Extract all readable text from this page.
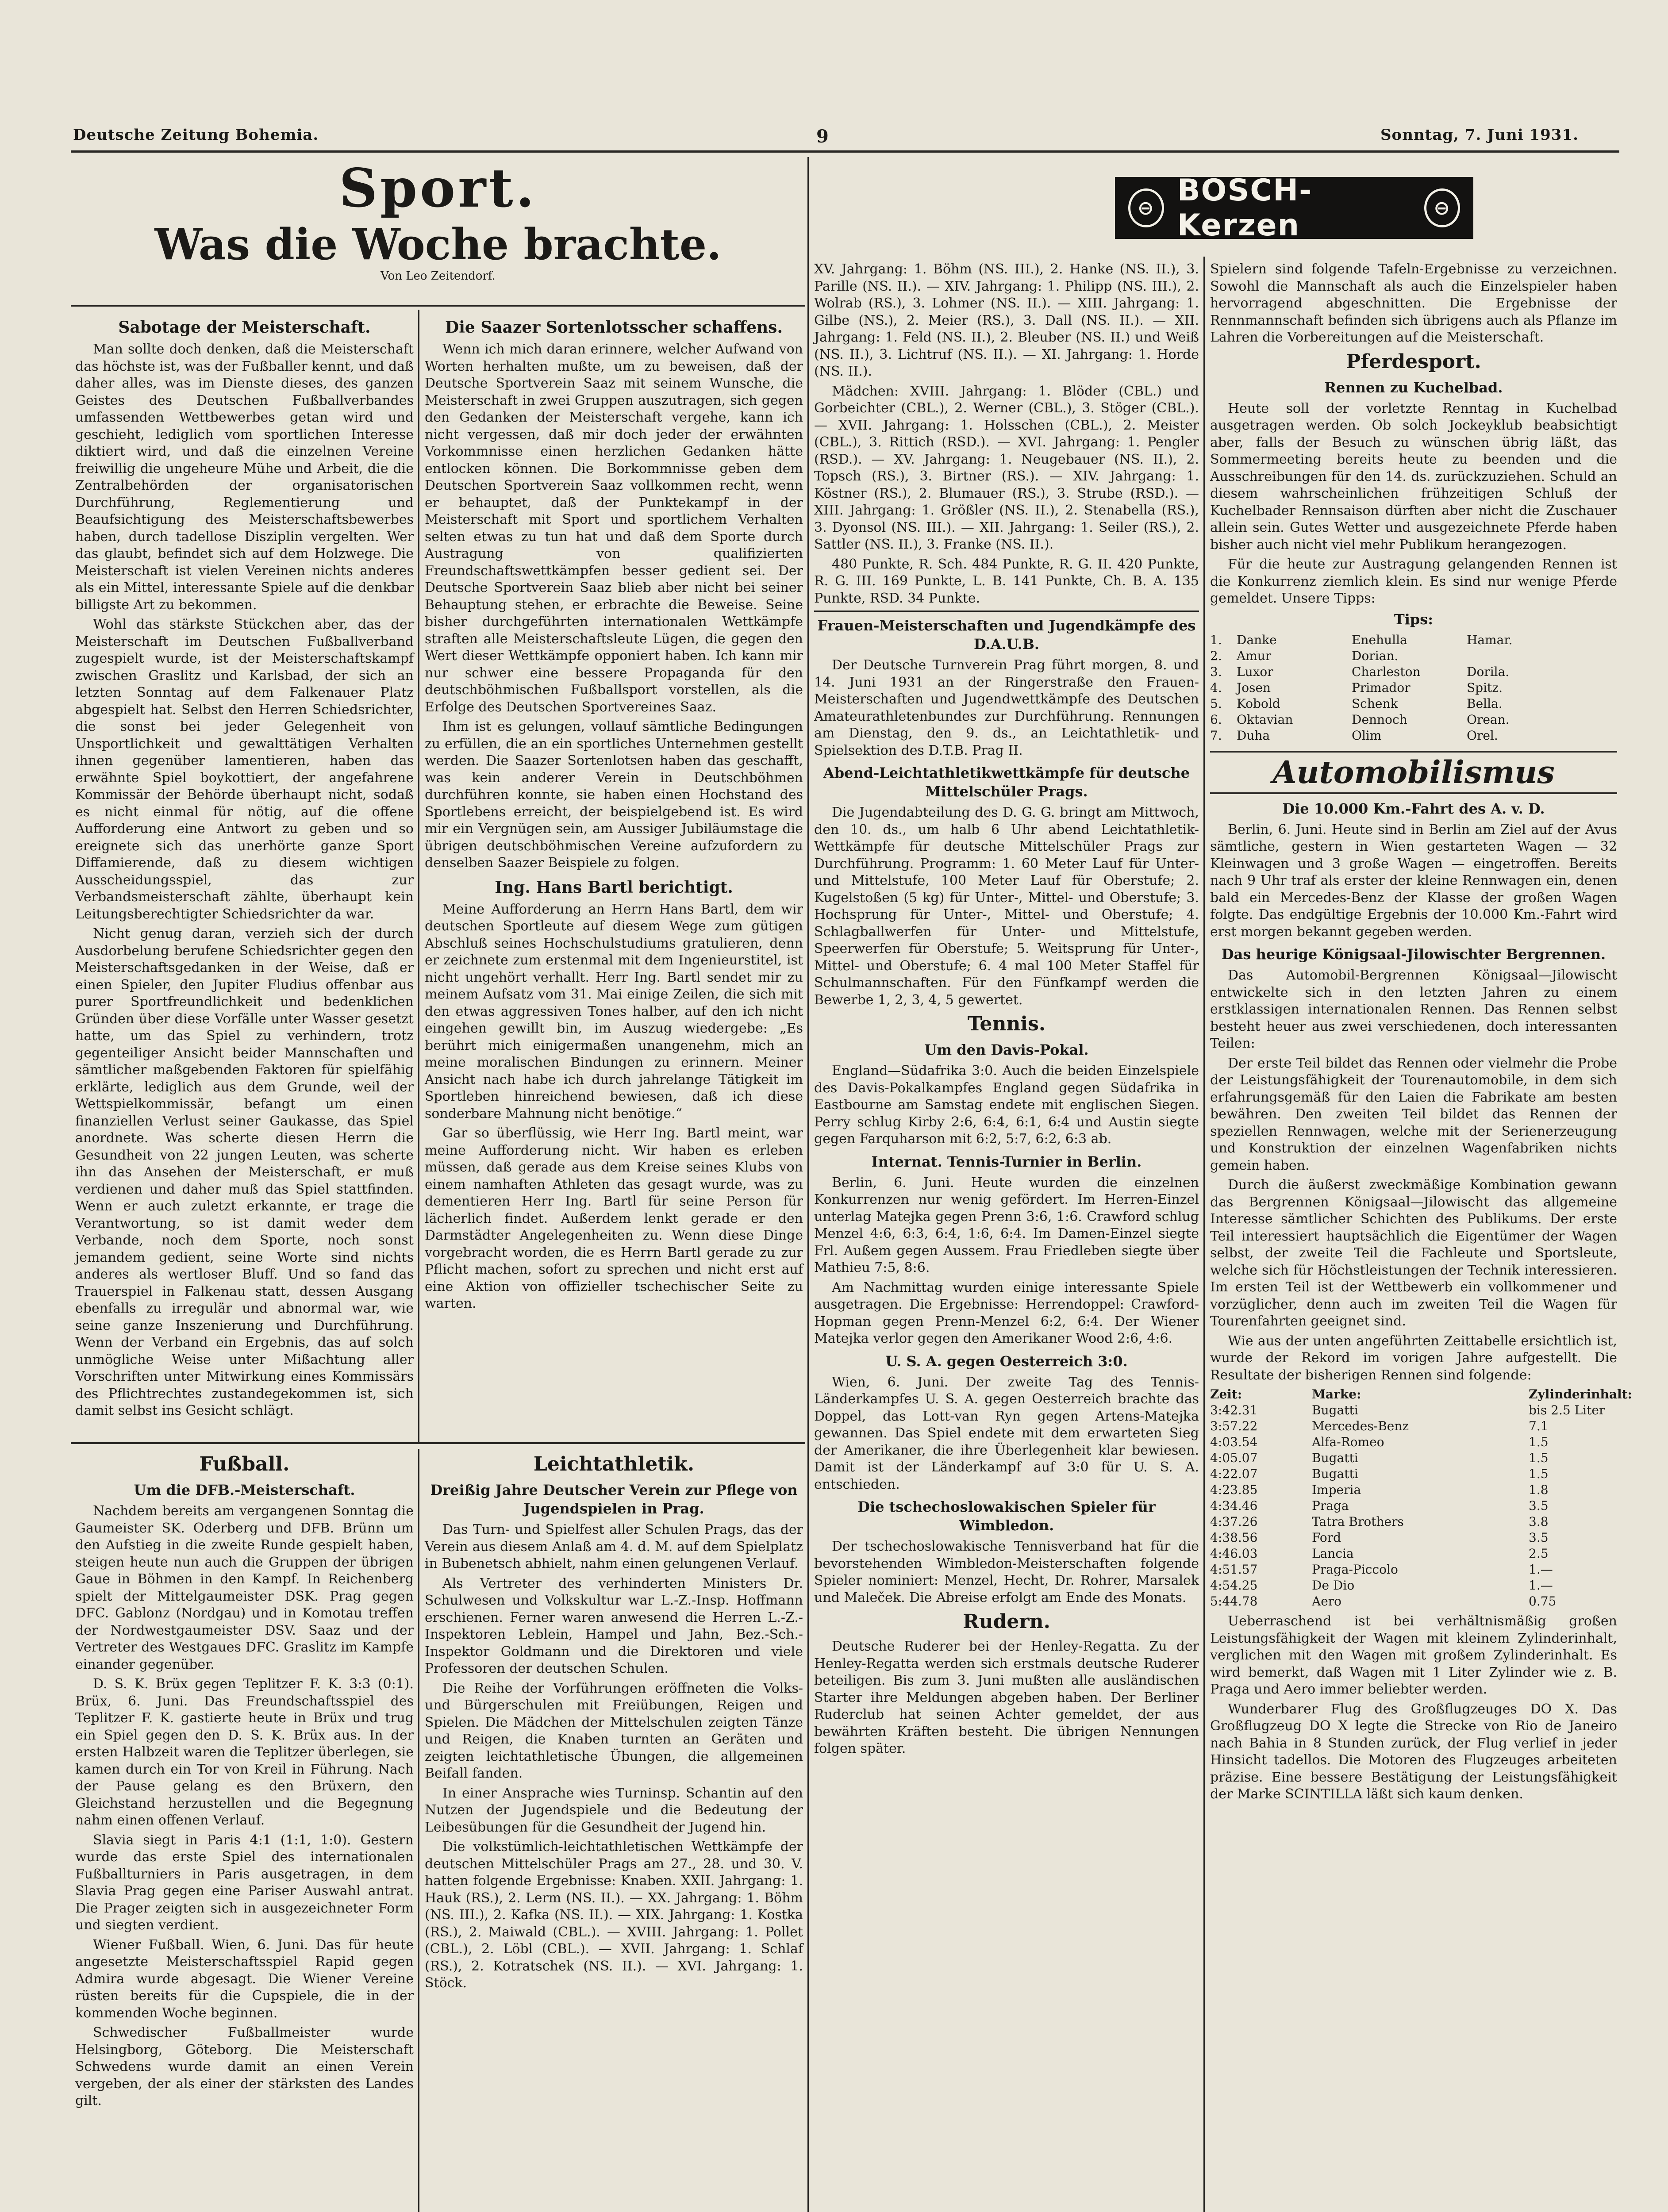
Deutsche Zeitung Bohemia.	9	Sonntag, 7. Juni 1931.
Sport.
Was die Woche brachte.
Von Leo Zeitendorf.
⊖ BOSCH-Kerzen	⊖
Sabotage der Meisterschaft.

Man sollte doch denken, daß die Meisterschaft das höchste ist, was der Fußballer kennt, und daß daher alles, was im Dienste dieses, des ganzen Geistes des Deutschen Fußballverbandes umfassenden Wettbewerbes getan wird und geschieht, lediglich vom sportlichen Interesse diktiert wird, und daß die einzelnen Vereine freiwillig die ungeheure Mühe und Arbeit, die die Zentralbehörden der organisatorischen Durchführung, Reglementierung und Beaufsichtigung des Meisterschaftsbewerbes haben, durch tadellose Disziplin vergelten. Wer das glaubt, befindet sich auf dem Holzwege. Die Meisterschaft ist vielen Vereinen nichts anderes als ein Mittel, interessante Spiele auf die denkbar billigste Art zu bekommen.

Wohl das stärkste Stückchen aber, das der Meisterschaft im Deutschen Fußballverband zugespielt wurde, ist der Meisterschaftskampf zwischen Graslitz und Karlsbad, der sich an letzten Sonntag auf dem Falkenauer Platz abgespielt hat. Selbst den Herren Schiedsrichter, die sonst bei jeder Gelegenheit von Unsportlichkeit und gewalttätigen Verhalten ihnen gegenüber lamentieren, haben das erwähnte Spiel boykottiert, der angefahrene Kommissär der Behörde überhaupt nicht, sodaß es nicht einmal für nötig, auf die offene Aufforderung eine Antwort zu geben und so ereignete sich das unerhörte ganze Sport Diffamierende, daß zu diesem wichtigen Ausscheidungsspiel, das zur Verbandsmeisterschaft zählte, überhaupt kein Leitungsberechtigter Schiedsrichter da war.

Nicht genug daran, verzieh sich der durch Ausdorbelung berufene Schiedsrichter gegen den Meisterschaftsgedanken in der Weise, daß er einen Spieler, den Jupiter Fludius offenbar aus purer Sportfreundlichkeit und bedenklichen Gründen über diese Vorfälle unter Wasser gesetzt hatte, um das Spiel zu verhindern, trotz gegenteiliger Ansicht beider Mannschaften und sämtlicher maßgebenden Faktoren für spielfähig erklärte, lediglich aus dem Grunde, weil der Wettspielkommissär, befangt um einen finanziellen Verlust seiner Gaukasse, das Spiel anordnete. Was scherte diesen Herrn die Gesundheit von 22 jungen Leuten, was scherte ihn das Ansehen der Meisterschaft, er muß verdienen und daher muß das Spiel stattfinden. Wenn er auch zuletzt erkannte, er trage die Verantwortung, so ist damit weder dem Verbande, noch dem Sporte, noch sonst jemandem gedient, seine Worte sind nichts anderes als wertloser Bluff. Und so fand das Trauerspiel in Falkenau statt, dessen Ausgang ebenfalls zu irregulär und abnormal war, wie seine ganze Inszenierung und Durchführung. Wenn der Verband ein Ergebnis, das auf solch unmögliche Weise unter Mißachtung aller Vorschriften unter Mitwirkung eines Kommissärs des Pflichtrechtes zustandegekommen ist, sich damit selbst ins Gesicht schlägt.

Die Saazer Sortenlotsscher schaffens.

Wenn ich mich daran erinnere, welcher Aufwand von Worten herhalten mußte, um zu beweisen, daß der Deutsche Sportverein Saaz mit seinem Wunsche, die Meisterschaft in zwei Gruppen auszutragen, sich gegen den Gedanken der Meisterschaft vergehe, kann ich nicht vergessen, daß mir doch jeder der erwähnten Vorkommnisse einen herzlichen Gedanken hätte entlocken können. Die Borkommnisse geben dem Deutschen Sportverein Saaz vollkommen recht, wenn er behauptet, daß der Punktekampf in der Meisterschaft mit Sport und sportlichem Verhalten selten etwas zu tun hat und daß dem Sporte durch Austragung von qualifizierten Freundschaftswettkämpfen besser gedient sei. Der Deutsche Sportverein Saaz blieb aber nicht bei seiner Behauptung stehen, er erbrachte die Beweise. Seine bisher durchgeführten internationalen Wettkämpfe straften alle Meisterschaftsleute Lügen, die gegen den Wert dieser Wettkämpfe opponiert haben. Ich kann mir nur schwer eine bessere Propaganda für den deutschböhmischen Fußballsport vorstellen, als die Erfolge des Deutschen Sportvereines Saaz.

Ihm ist es gelungen, vollauf sämtliche Bedingungen zu erfüllen, die an ein sportliches Unternehmen gestellt werden. Die Saazer Sortenlotsen haben das geschafft, was kein anderer Verein in Deutschböhmen durchführen konnte, sie haben einen Hochstand des Sportlebens erreicht, der beispielgebend ist. Es wird mir ein Vergnügen sein, am Aussiger Jubiläumstage die übrigen deutschböhmischen Vereine aufzufordern zu denselben Saazer Beispiele zu folgen.

Ing. Hans Bartl berichtigt.

Meine Aufforderung an Herrn Hans Bartl, dem wir deutschen Sportleute auf diesem Wege zum gütigen Abschluß seines Hochschulstudiums gratulieren, denn er zeichnete zum erstenmal mit dem Ingenieurstitel, ist nicht ungehört verhallt. Herr Ing. Bartl sendet mir zu meinem Aufsatz vom 31. Mai einige Zeilen, die sich mit den etwas aggressiven Tones halber, auf den ich nicht eingehen gewillt bin, im Auszug wiedergebe: „Es berührt mich einigermaßen unangenehm, mich an meine moralischen Bindungen zu erinnern. Meiner Ansicht nach habe ich durch jahrelange Tätigkeit im Sportleben hinreichend bewiesen, daß ich diese sonderbare Mahnung nicht benötige.“

Gar so überflüssig, wie Herr Ing. Bartl meint, war meine Aufforderung nicht. Wir haben es erleben müssen, daß gerade aus dem Kreise seines Klubs von einem namhaften Athleten das gesagt wurde, was zu dementieren Herr Ing. Bartl für seine Person für lächerlich findet. Außerdem lenkt gerade er den Darmstädter Angelegenheiten zu. Wenn diese Dinge vorgebracht worden, die es Herrn Bartl gerade zu zur Pflicht machen, sofort zu sprechen und nicht erst auf eine Aktion von offizieller tschechischer Seite zu warten.

Fußball.
Um die DFB.-Meisterschaft.

Nachdem bereits am vergangenen Sonntag die Gaumeister SK. Oderberg und DFB. Brünn um den Aufstieg in die zweite Runde gespielt haben, steigen heute nun auch die Gruppen der übrigen Gaue in Böhmen in den Kampf. In Reichenberg spielt der Mittelgaumeister DSK. Prag gegen DFC. Gablonz (Nordgau) und in Komotau treffen der Nordwestgaumeister DSV. Saaz und der Vertreter des Westgaues DFC. Graslitz im Kampfe einander gegenüber.

D. S. K. Brüx gegen Teplitzer F. K. 3:3 (0:1). Brüx, 6. Juni. Das Freundschaftsspiel des Teplitzer F. K. gastierte heute in Brüx und trug ein Spiel gegen den D. S. K. Brüx aus. In der ersten Halbzeit waren die Teplitzer überlegen, sie kamen durch ein Tor von Kreil in Führung. Nach der Pause gelang es den Brüxern, den Gleichstand herzustellen und die Begegnung nahm einen offenen Verlauf.

Slavia siegt in Paris 4:1 (1:1, 1:0). Gestern wurde das erste Spiel des internationalen Fußballturniers in Paris ausgetragen, in dem Slavia Prag gegen eine Pariser Auswahl antrat. Die Prager zeigten sich in ausgezeichneter Form und siegten verdient.

Wiener Fußball. Wien, 6. Juni. Das für heute angesetzte Meisterschaftsspiel Rapid gegen Admira wurde abgesagt. Die Wiener Vereine rüsten bereits für die Cupspiele, die in der kommenden Woche beginnen.

Schwedischer Fußballmeister wurde Helsingborg, Göteborg. Die Meisterschaft Schwedens wurde damit an einen Verein vergeben, der als einer der stärksten des Landes gilt.

Leichtathletik.
Dreißig Jahre Deutscher Verein zur Pflege von Jugendspielen in Prag.

Das Turn- und Spielfest aller Schulen Prags, das der Verein aus diesem Anlaß am 4. d. M. auf dem Spielplatz in Bubenetsch abhielt, nahm einen gelungenen Verlauf.

Als Vertreter des verhinderten Ministers Dr. Schulwesen und Volkskultur war L.-Z.-Insp. Hoffmann erschienen. Ferner waren anwesend die Herren L.-Z.-Inspektoren Leblein, Hampel und Jahn, Bez.-Sch.-Inspektor Goldmann und die Direktoren und viele Professoren der deutschen Schulen.

Die Reihe der Vorführungen eröffneten die Volks- und Bürgerschulen mit Freiübungen, Reigen und Spielen. Die Mädchen der Mittelschulen zeigten Tänze und Reigen, die Knaben turnten an Geräten und zeigten leichtathletische Übungen, die allgemeinen Beifall fanden.

In einer Ansprache wies Turninsp. Schantin auf den Nutzen der Jugendspiele und die Bedeutung der Leibesübungen für die Gesundheit der Jugend hin.

Die volkstümlich-leichtathletischen Wettkämpfe der deutschen Mittelschüler Prags am 27., 28. und 30. V. hatten folgende Ergebnisse: Knaben. XXII. Jahrgang: 1. Hauk (RS.), 2. Lerm (NS. II.). — XX. Jahrgang: 1. Böhm (NS. III.), 2. Kafka (NS. II.). — XIX. Jahrgang: 1. Kostka (RS.), 2. Maiwald (CBL.). — XVIII. Jahrgang: 1. Pollet (CBL.), 2. Löbl (CBL.). — XVII. Jahrgang: 1. Schlaf (RS.), 2. Kotratschek (NS. II.). — XVI. Jahrgang: 1. Stöck.

XV. Jahrgang: 1. Böhm (NS. III.), 2. Hanke (NS. II.), 3. Parille (NS. II.). — XIV. Jahrgang: 1. Philipp (NS. III.), 2. Wolrab (RS.), 3. Lohmer (NS. II.). — XIII. Jahrgang: 1. Gilbe (NS.), 2. Meier (RS.), 3. Dall (NS. II.). — XII. Jahrgang: 1. Feld (NS. II.), 2. Bleuber (NS. II.) und Weiß (NS. II.), 3. Lichtruf (NS. II.). — XI. Jahrgang: 1. Horde (NS. II.).

Mädchen: XVIII. Jahrgang: 1. Blöder (CBL.) und Gorbeichter (CBL.), 2. Werner (CBL.), 3. Stöger (CBL.). — XVII. Jahrgang: 1. Holsschen (CBL.), 2. Meister (CBL.), 3. Rittich (RSD.). — XVI. Jahrgang: 1. Pengler (RSD.). — XV. Jahrgang: 1. Neugebauer (NS. II.), 2. Topsch (RS.), 3. Birtner (RS.). — XIV. Jahrgang: 1. Köstner (RS.), 2. Blumauer (RS.), 3. Strube (RSD.). — XIII. Jahrgang: 1. Größler (NS. II.), 2. Stenabella (RS.), 3. Dyonsol (NS. III.). — XII. Jahrgang: 1. Seiler (RS.), 2. Sattler (NS. II.), 3. Franke (NS. II.).

480 Punkte, R. Sch. 484 Punkte, R. G. II. 420 Punkte, R. G. III. 169 Punkte, L. B. 141 Punkte, Ch. B. A. 135 Punkte, RSD. 34 Punkte.

Frauen-Meisterschaften und Jugendkämpfe des D.A.U.B.

Der Deutsche Turnverein Prag führt morgen, 8. und 14. Juni 1931 an der Ringerstraße den Frauen-Meisterschaften und Jugendwettkämpfe des Deutschen Amateurathletenbundes zur Durchführung. Rennungen am Dienstag, den 9. ds., an Leichtathletik- und Spielsektion des D.T.B. Prag II.

Abend-Leichtathletikwettkämpfe für deutsche Mittelschüler Prags.

Die Jugendabteilung des D. G. G. bringt am Mittwoch, den 10. ds., um halb 6 Uhr abend Leichtathletik-Wettkämpfe für deutsche Mittelschüler Prags zur Durchführung. Programm: 1. 60 Meter Lauf für Unter- und Mittelstufe, 100 Meter Lauf für Oberstufe; 2. Kugelstoßen (5 kg) für Unter-, Mittel- und Oberstufe; 3. Hochsprung für Unter-, Mittel- und Oberstufe; 4. Schlagballwerfen für Unter- und Mittelstufe, Speerwerfen für Oberstufe; 5. Weitsprung für Unter-, Mittel- und Oberstufe; 6. 4 mal 100 Meter Staffel für Schulmannschaften. Für den Fünfkampf werden die Bewerbe 1, 2, 3, 4, 5 gewertet.

Tennis.
Um den Davis-Pokal.

England—Südafrika 3:0. Auch die beiden Einzelspiele des Davis-Pokalkampfes England gegen Südafrika in Eastbourne am Samstag endete mit englischen Siegen. Perry schlug Kirby 2:6, 6:4, 6:1, 6:4 und Austin siegte gegen Farquharson mit 6:2, 5:7, 6:2, 6:3 ab.

Internat. Tennis-Turnier in Berlin.

Berlin, 6. Juni. Heute wurden die einzelnen Konkurrenzen nur wenig gefördert. Im Herren-Einzel unterlag Matejka gegen Prenn 3:6, 1:6. Crawford schlug Menzel 4:6, 6:3, 6:4, 1:6, 6:4. Im Damen-Einzel siegte Frl. Außem gegen Aussem. Frau Friedleben siegte über Mathieu 7:5, 8:6.

Am Nachmittag wurden einige interessante Spiele ausgetragen. Die Ergebnisse: Herrendoppel: Crawford-Hopman gegen Prenn-Menzel 6:2, 6:4. Der Wiener Matejka verlor gegen den Amerikaner Wood 2:6, 4:6.

U. S. A. gegen Oesterreich 3:0.

Wien, 6. Juni. Der zweite Tag des Tennis-Länderkampfes U. S. A. gegen Oesterreich brachte das Doppel, das Lott-van Ryn gegen Artens-Matejka gewannen. Das Spiel endete mit dem erwarteten Sieg der Amerikaner, die ihre Überlegenheit klar bewiesen. Damit ist der Länderkampf auf 3:0 für U. S. A. entschieden.

Die tschechoslowakischen Spieler für Wimbledon.

Der tschechoslowakische Tennisverband hat für die bevorstehenden Wimbledon-Meisterschaften folgende Spieler nominiert: Menzel, Hecht, Dr. Rohrer, Marsalek und Maleček. Die Abreise erfolgt am Ende des Monats.

Rudern.

Deutsche Ruderer bei der Henley-Regatta. Zu der Henley-Regatta werden sich erstmals deutsche Ruderer beteiligen. Bis zum 3. Juni mußten alle ausländischen Starter ihre Meldungen abgeben haben. Der Berliner Ruderclub hat seinen Achter gemeldet, der aus bewährten Kräften besteht. Die übrigen Nennungen folgen später.

Spielern sind folgende Tafeln-Ergebnisse zu verzeichnen. Sowohl die Mannschaft als auch die Einzelspieler haben hervorragend abgeschnitten. Die Ergebnisse der Rennmannschaft befinden sich übrigens auch als Pflanze im Lahren die Vorbereitungen auf die Meisterschaft.

Pferdesport.
Rennen zu Kuchelbad.

Heute soll der vorletzte Renntag in Kuchelbad ausgetragen werden. Ob solch Jockeyklub beabsichtigt aber, falls der Besuch zu wünschen übrig läßt, das Sommermeeting bereits heute zu beenden und die Ausschreibungen für den 14. ds. zurückzuziehen. Schuld an diesem wahrscheinlichen frühzeitigen Schluß der Kuchelbader Rennsaison dürften aber nicht die Zuschauer allein sein. Gutes Wetter und ausgezeichnete Pferde haben bisher auch nicht viel mehr Publikum herangezogen.

Für die heute zur Austragung gelangenden Rennen ist die Konkurrenz ziemlich klein. Es sind nur wenige Pferde gemeldet. Unsere Tipps:

Tips:
1.	Danke	Enehulla	Hamar.
2.	Amur	Dorian.
3.	Luxor	Charleston	Dorila.
4.	Josen	Primador	Spitz.
5.	Kobold	Schenk	Bella.
6.	Oktavian	Dennoch	Orean.
7.	Duha	Olim	Orel.
Automobilismus
Die 10.000 Km.-Fahrt des A. v. D.

Berlin, 6. Juni. Heute sind in Berlin am Ziel auf der Avus sämtliche, gestern in Wien gestarteten Wagen — 32 Kleinwagen und 3 große Wagen — eingetroffen. Bereits nach 9 Uhr traf als erster der kleine Rennwagen ein, denen bald ein Mercedes-Benz der Klasse der großen Wagen folgte. Das endgültige Ergebnis der 10.000 Km.-Fahrt wird erst morgen bekannt gegeben werden.

Das heurige Königsaal-Jilowischter Bergrennen.

Das Automobil-Bergrennen Königsaal—Jilowischt entwickelte sich in den letzten Jahren zu einem erstklassigen internationalen Rennen. Das Rennen selbst besteht heuer aus zwei verschiedenen, doch interessanten Teilen:

Der erste Teil bildet das Rennen oder vielmehr die Probe der Leistungsfähigkeit der Tourenautomobile, in dem sich erfahrungsgemäß für den Laien die Fabrikate am besten bewähren. Den zweiten Teil bildet das Rennen der speziellen Rennwagen, welche mit der Serienerzeugung und Konstruktion der einzelnen Wagenfabriken nichts gemein haben.

Durch die äußerst zweckmäßige Kombination gewann das Bergrennen Königsaal—Jilowischt das allgemeine Interesse sämtlicher Schichten des Publikums. Der erste Teil interessiert hauptsächlich die Eigentümer der Wagen selbst, der zweite Teil die Fachleute und Sportsleute, welche sich für Höchstleistungen der Technik interessieren. Im ersten Teil ist der Wettbewerb ein vollkommener und vorzüglicher, denn auch im zweiten Teil die Wagen für Tourenfahrten geeignet sind.

Wie aus der unten angeführten Zeittabelle ersichtlich ist, wurde der Rekord im vorigen Jahre aufgestellt. Die Resultate der bisherigen Rennen sind folgende:

Zeit:	Marke:	Zylinderinhalt:
3:42.31	Bugatti	bis 2.5 Liter
3:57.22	Mercedes-Benz	7.1
4:03.54	Alfa-Romeo	1.5
4:05.07	Bugatti	1.5
4:22.07	Bugatti	1.5
4:23.85	Imperia	1.8
4:34.46	Praga	3.5
4:37.26	Tatra Brothers	3.8
4:38.56	Ford	3.5
4:46.03	Lancia	2.5
4:51.57	Praga-Piccolo	1.—
4:54.25	De Dio	1.—
5:44.78	Aero	0.75

Ueberraschend ist bei verhältnismäßig großen Leistungsfähigkeit der Wagen mit kleinem Zylinderinhalt, verglichen mit den Wagen mit großem Zylinderinhalt. Es wird bemerkt, daß Wagen mit 1 Liter Zylinder wie z. B. Praga und Aero immer beliebter werden.

Wunderbarer Flug des Großflugzeuges DO X. Das Großflugzeug DO X legte die Strecke von Rio de Janeiro nach Bahia in 8 Stunden zurück, der Flug verlief in jeder Hinsicht tadellos. Die Motoren des Flugzeuges arbeiteten präzise. Eine bessere Bestätigung der Leistungsfähigkeit der Marke SCINTILLA läßt sich kaum denken.
